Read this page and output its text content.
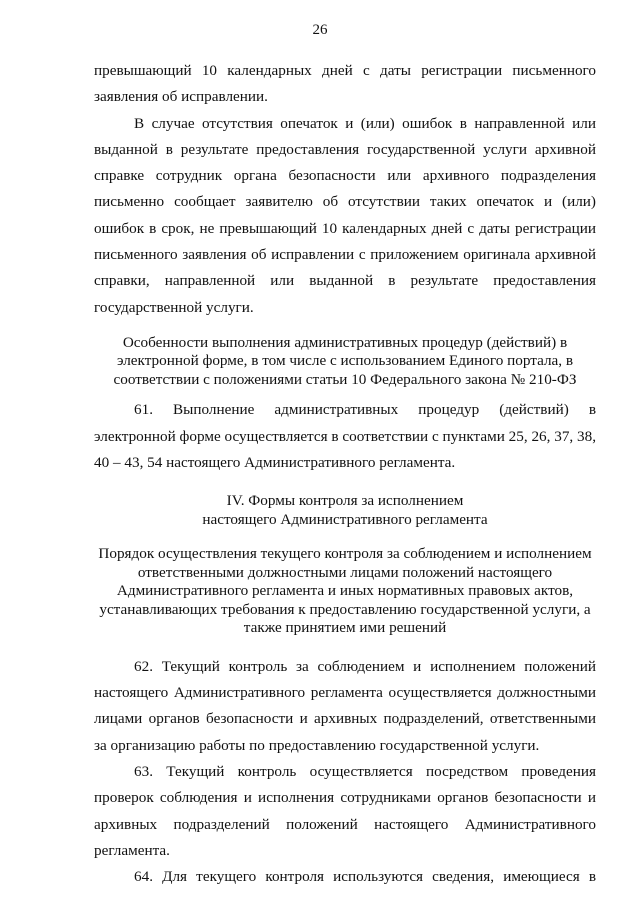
26

превышающий 10 календарных дней с даты регистрации письменного заявления об исправлении.

В случае отсутствия опечаток и (или) ошибок в направленной или выданной в результате предоставления государственной услуги архивной справке сотрудник органа безопасности или архивного подразделения письменно сообщает заявителю об отсутствии таких опечаток и (или) ошибок в срок, не превышающий 10 календарных дней с даты регистрации письменного заявления об исправлении с приложением оригинала архивной справки, направленной или выданной в результате предоставления государственной услуги.

Особенности выполнения административных процедур (действий) в электронной форме, в том числе с использованием Единого портала, в соответствии с положениями статьи 10 Федерального закона № 210-ФЗ

61. Выполнение административных процедур (действий) в электронной форме осуществляется в соответствии с пунктами 25, 26, 37, 38, 40 – 43, 54 настоящего Административного регламента.

IV. Формы контроля за исполнением

настоящего Административного регламента

Порядок осуществления текущего контроля за соблюдением и исполнением ответственными должностными лицами положений настоящего Административного регламента и иных нормативных правовых актов, устанавливающих требования к предоставлению государственной услуги, а также принятием ими решений

62. Текущий контроль за соблюдением и исполнением положений настоящего Административного регламента осуществляется должностными лицами органов безопасности и архивных подразделений, ответственными за организацию работы по предоставлению государственной услуги.

63. Текущий контроль осуществляется посредством проведения проверок соблюдения и исполнения сотрудниками органов безопасности и архивных подразделений положений настоящего Административного регламента.

64. Для текущего контроля используются сведения, имеющиеся в
